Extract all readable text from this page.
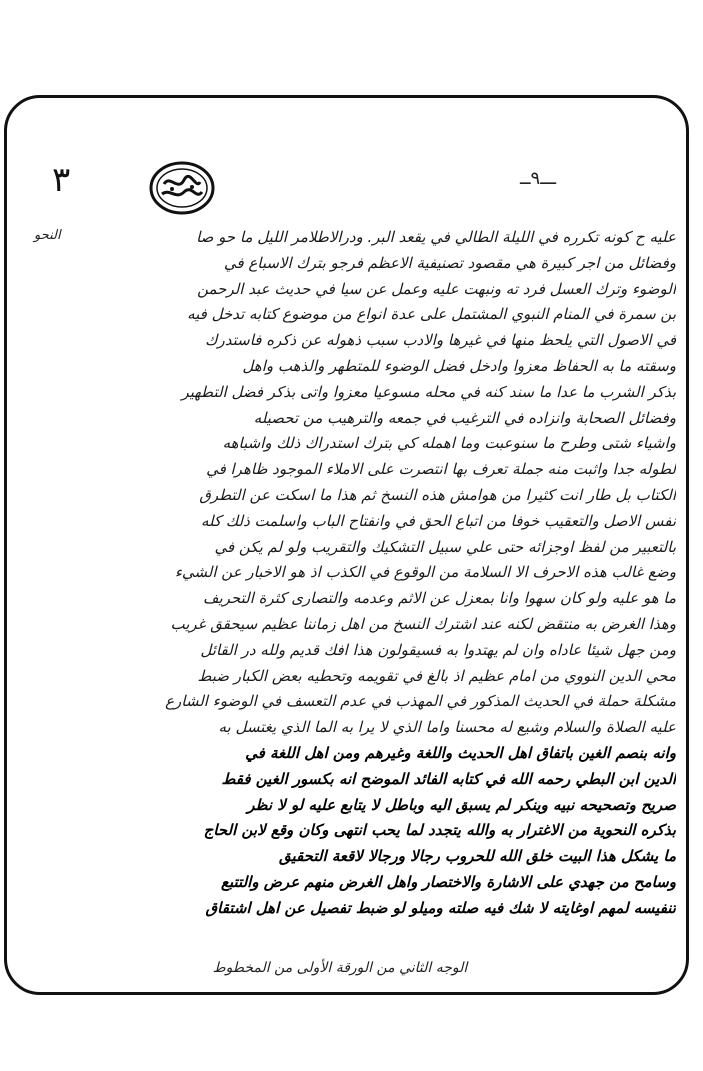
٣	ـــ٩ــ
النحو	عليه ح كونه تكرره في الليلة الطالي في يقعد البر. ودرالاطلامر الليل ما حو صا
وفضائل من اجر كبيرة هي مقصود تصنيفية الاعظم فرجو بترك الاسباع في
الوضوء وترك العسل فرد ته ونبهت عليه وعمل عن سيا في حديث عبد الرحمن
بن سمرة في المنام النبوي المشتمل على عدة انواع من موضوع كتابه تدخل فيه
في الاصول التي يلحظ منها في غيرها والادب سبب ذهوله عن ذكره فاستدرك
وسقته ما به الحفاظ معزوا وادخل فضل الوضوء للمتطهر والذهب واهل
بذكر الشرب ما عدا ما سند كنه في محله مسوعيا معزوا واتى بذكر فضل التطهير
وفضائل الصحابة وانزاده في الترغيب في جمعه والترهيب من تحصيله
واشياء شتى وطرح ما سنوعبت وما اهمله كي بترك استدراك ذلك واشباهه
لطوله جدا واثبت منه جملة تعرف بها انتصرت على الاملاء الموجود ظاهرا في
الكتاب بل طار انت كثيرا من هوامش هذه النسخ ثم هذا ما اسكت عن التطرق
نفس الاصل والتعقيب خوفا من اتباع الحق في وانفتاح الباب واسلمت ذلك كله
بالتعبير من لفظ اوجزائه حتى علي سبيل التشكيك والتقريب ولو لم يكن في
وضع غالب هذه الاحرف الا السلامة من الوقوع في الكذب اذ هو الاخبار عن الشيء
ما هو عليه ولو كان سهوا وانا بمعزل عن الاثم وعدمه والتصارى كثرة التحريف
وهذا الغرض به منتقض لكنه عند اشترك النسخ من اهل زماننا عظيم سيحقق غريب
ومن جهل شيئا عاداه وان لم يهتدوا به فسيقولون هذا افك قديم ولله در القائل
محي الدين النووي من امام عظيم اذ بالغ في تقويمه وتحطيه بعض الكبار ضبط
مشكلة حملة في الحديث المذكور في المهذب في عدم التعسف في الوضوء الشارع
عليه الصلاة والسلام وشيع له محسنا واما الذي لا يرا به الما الذي يغتسل به
وانه بنصم الغين باتفاق اهل الحديث واللغة وغيرهم ومن اهل اللغة في
الدين ابن البطي رحمه الله في كتابه الفائد الموضح انه بكسور الغين فقط
صريح وتصحيحه نبيه وينكر لم يسبق اليه وباطل لا يتابع عليه لو لا نظر
بذكره النحوية من الاغترار به والله يتجدد لما يحب انتهى وكان وقع لابن الحاج
ما يشكل هذا البيت خلق الله للحروب رجالا ورجالا لاقعة التحقيق
وسامح من جهدي على الاشارة والاختصار واهل الغرض منهم عرض والتتبع
تنفيسه لمهم اوغايته لا شك فيه صلته وميلو لو ضبط تفصيل عن اهل اشتقاق
الوجه الثاني من الورقة الأولى من المخطوط
